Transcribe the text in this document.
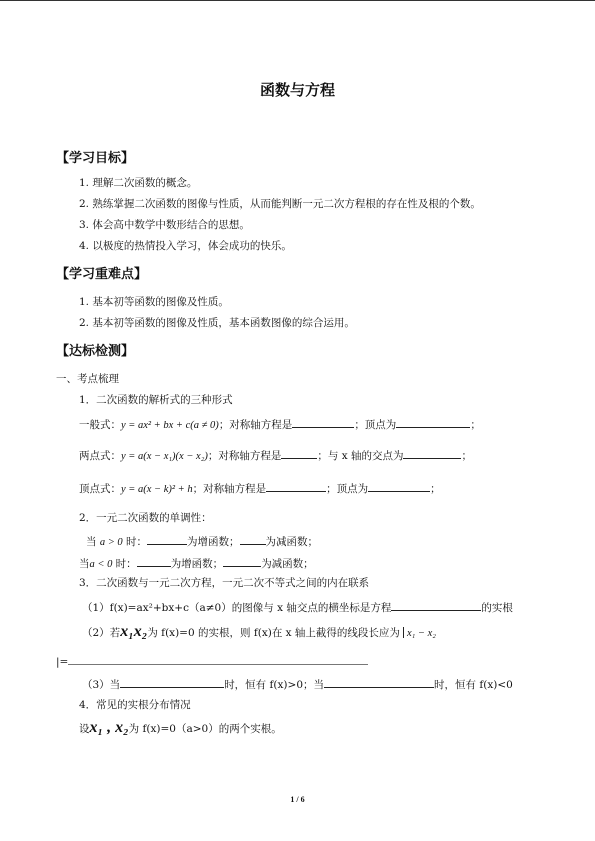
函数与方程
【学习目标】
1. 理解二次函数的概念。
2. 熟练掌握二次函数的图像与性质，从而能判断一元二次方程根的存在性及根的个数。
3. 体会高中数学中数形结合的思想。
4. 以极度的热情投入学习，体会成功的快乐。
【学习重难点】
1. 基本初等函数的图像及性质。
2. 基本初等函数的图像及性质，基本函数图像的综合运用。
【达标检测】
一、考点梳理
1．二次函数的解析式的三种形式
一般式：y = ax² + bx + c(a ≠ 0)；对称轴方程是	；顶点为	；
两点式：y = a(x − x₁)(x − x₂)；对称轴方程是	；与 x 轴的交点为	；
顶点式：y = a(x − k)² + h；对称轴方程是	；顶点为	；
2．一元二次函数的单调性：
当 a > 0 时：	为增函数； 为减函数；
当a < 0 时：	为增函数；	为减函数；
3．二次函数与一元二次方程，一元二次不等式之间的内在联系
（1）f(x)=ax²+bx+c（a≠0）的图像与 x 轴交点的横坐标是方程	的实根
（2）若x₁x₂为 f(x)=0 的实根，则 f(x)在 x 轴上截得的线段长应为 x₁ − x₂
|=
（3）当	时，恒有 f(x)>0；当	时，恒有 f(x)<0
4．常见的实根分布情况
设x₁ , x₂为 f(x)=0（a>0）的两个实根。
1 / 6
